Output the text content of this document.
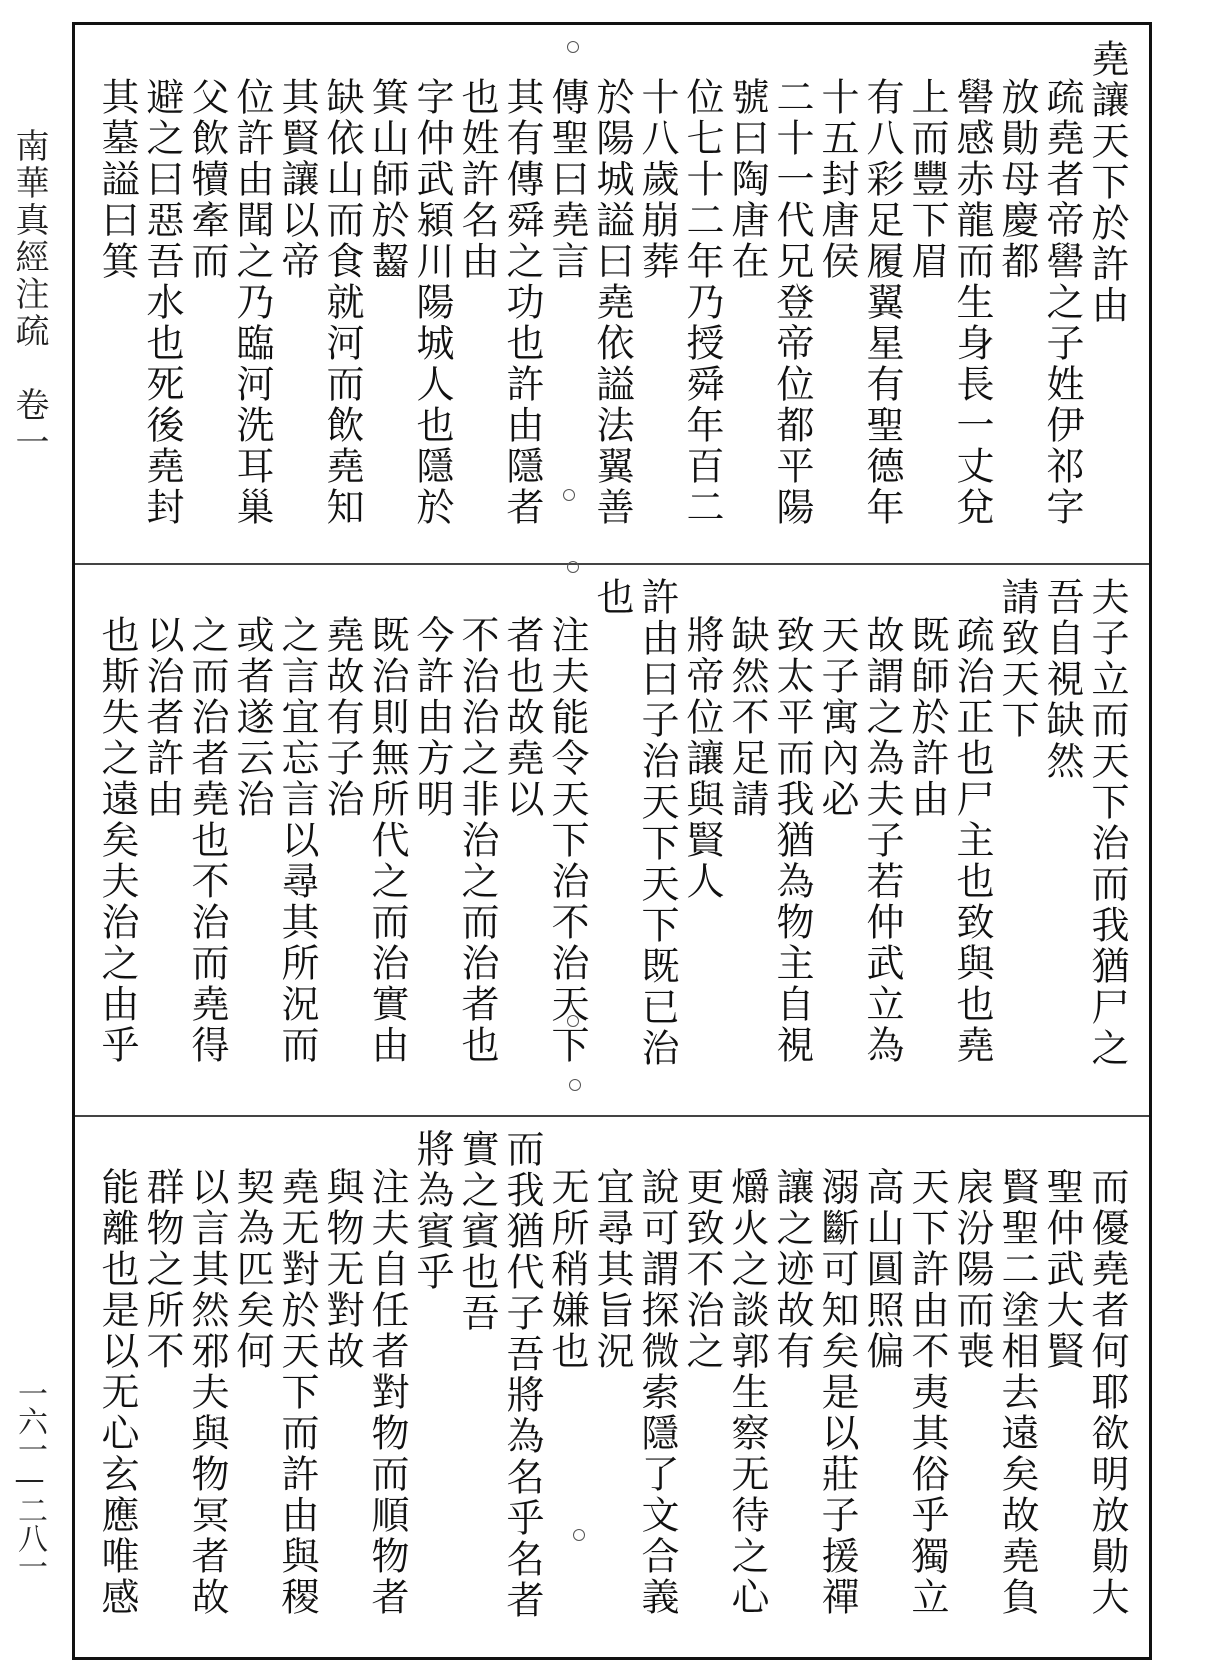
南華真經注疏　卷一
一六一—二八一

堯讓天下於許由

疏堯者帝嚳之子姓伊祁字放勛母慶都

嚳感赤龍而生身長一丈兌上而豐下眉

有八彩足履翼星有聖德年十五封唐侯

二十一代兄登帝位都平陽號曰陶唐在

位七十二年乃授舜年百二十八歲崩葬

於陽城謚曰堯依謚法翼善傳聖曰堯言

其有傳舜之功也許由隱者也姓許名由

字仲武潁川陽城人也隱於箕山師於齧

缺依山而食就河而飲堯知其賢讓以帝

位許由聞之乃臨河洗耳巢父飲犢牽而

避之曰惡吾水也死後堯封其墓謚曰箕

夫子立而天下治而我猶尸之吾自視缺然

請致天下

疏治正也尸主也致與也堯既師於許由

故謂之為夫子若仲武立為天子寓內必

致太平而我猶為物主自視缺然不足請

將帝位讓與賢人

許由曰子治天下天下既已治也

注夫能令天下治不治天下者也故堯以

不治治之非治之而治者也今許由方明

既治則無所代之而治實由堯故有子治

之言宜忘言以尋其所況而或者遂云治

之而治者堯也不治而堯得以治者許由

也斯失之遠矣夫治之由乎

而優堯者何耶欲明放勛大聖仲武大賢

賢聖二塗相去遠矣故堯負扆汾陽而喪

天下許由不夷其俗乎獨立高山圓照偏

溺斷可知矣是以莊子援禪讓之迹故有

爝火之談郭生察无待之心更致不治之

說可謂探微索隱了文合義宜尋其旨況

无所稍嫌也

而我猶代子吾將為名乎名者實之賓也吾

將為賓乎

注夫自任者對物而順物者與物无對故

堯无對於天下而許由與稷契為匹矣何

以言其然邪夫與物冥者故群物之所不

能離也是以无心玄應唯感
